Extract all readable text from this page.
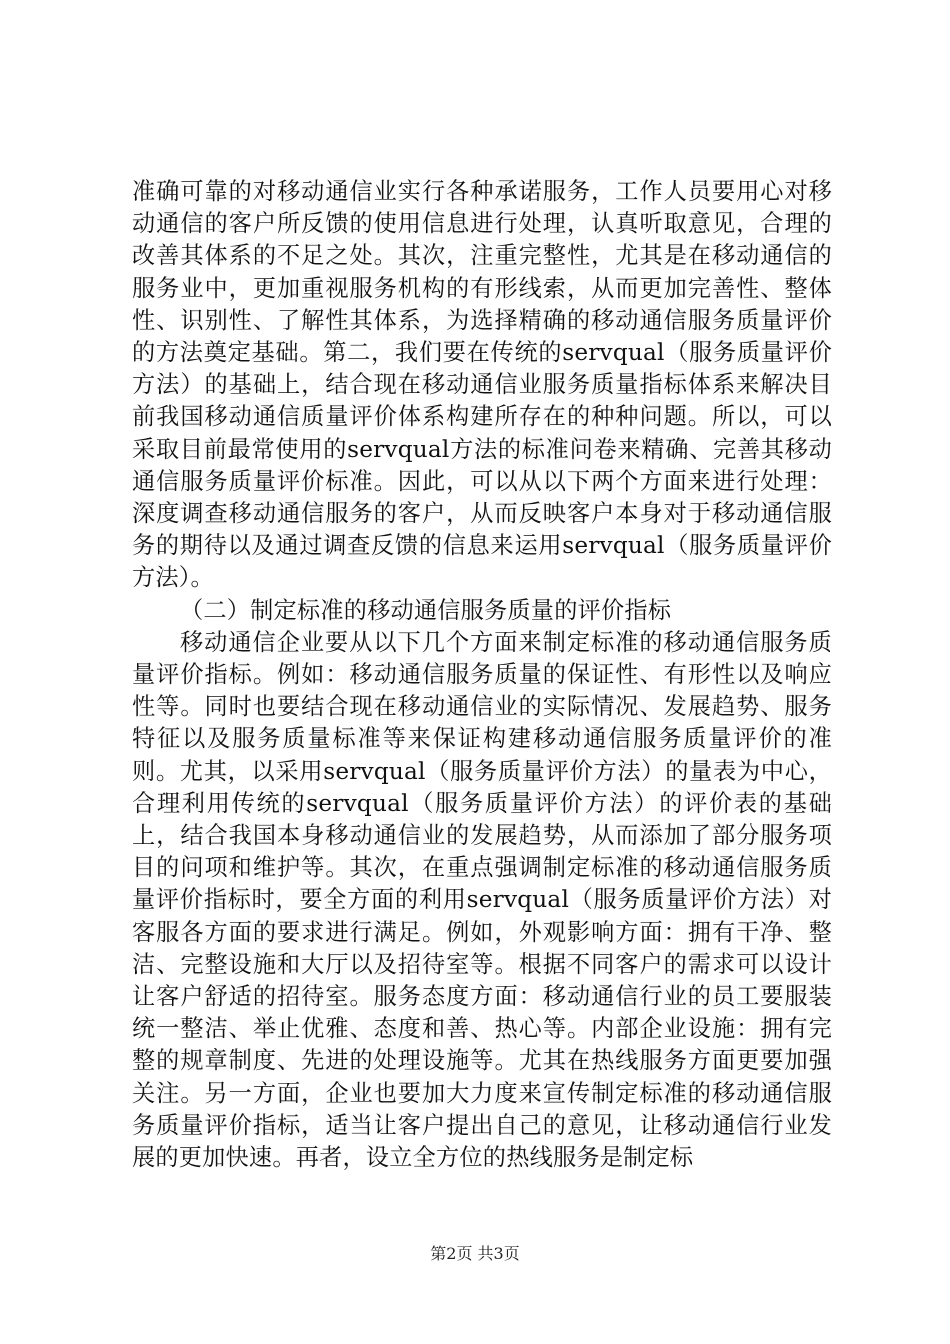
准确可靠的对移动通信业实行各种承诺服务，工作人员要用心对移动通信的客户所反馈的使用信息进行处理，认真听取意见，合理的改善其体系的不足之处。其次，注重完整性，尤其是在移动通信的服务业中，更加重视服务机构的有形线索，从而更加完善性、整体性、识别性、了解性其体系，为选择精确的移动通信服务质量评价的方法奠定基础。第二，我们要在传统的servqual（服务质量评价方法）的基础上，结合现在移动通信业服务质量指标体系来解决目前我国移动通信质量评价体系构建所存在的种种问题。所以，可以采取目前最常使用的servqual方法的标准问卷来精确、完善其移动通信服务质量评价标准。因此，可以从以下两个方面来进行处理：深度调查移动通信服务的客户，从而反映客户本身对于移动通信服务的期待以及通过调查反馈的信息来运用servqual（服务质量评价方法）。

（二）制定标准的移动通信服务质量的评价指标

移动通信企业要从以下几个方面来制定标准的移动通信服务质量评价指标。例如：移动通信服务质量的保证性、有形性以及响应性等。同时也要结合现在移动通信业的实际情况、发展趋势、服务特征以及服务质量标准等来保证构建移动通信服务质量评价的准则。尤其，以采用servqual（服务质量评价方法）的量表为中心，合理利用传统的servqual（服务质量评价方法）的评价表的基础上，结合我国本身移动通信业的发展趋势，从而添加了部分服务项目的问项和维护等。其次，在重点强调制定标准的移动通信服务质量评价指标时，要全方面的利用servqual（服务质量评价方法）对客服各方面的要求进行满足。例如，外观影响方面：拥有干净、整洁、完整设施和大厅以及招待室等。根据不同客户的需求可以设计让客户舒适的招待室。服务态度方面：移动通信行业的员工要服装统一整洁、举止优雅、态度和善、热心等。内部企业设施：拥有完整的规章制度、先进的处理设施等。尤其在热线服务方面更要加强关注。另一方面，企业也要加大力度来宣传制定标准的移动通信服务质量评价指标，适当让客户提出自己的意见，让移动通信行业发展的更加快速。再者，设立全方位的热线服务是制定标

第2页 共3页
